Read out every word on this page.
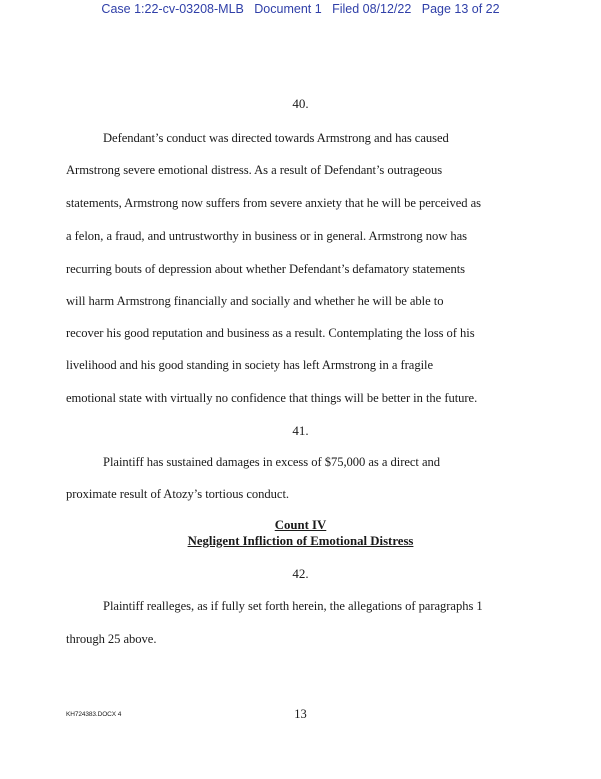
Case 1:22-cv-03208-MLB   Document 1   Filed 08/12/22   Page 13 of 22
40.
Defendant’s conduct was directed towards Armstrong and has caused
Armstrong severe emotional distress. As a result of Defendant’s outrageous
statements, Armstrong now suffers from severe anxiety that he will be perceived as
a felon, a fraud, and untrustworthy in business or in general. Armstrong now has
recurring bouts of depression about whether Defendant’s defamatory statements
will harm Armstrong financially and socially and whether he will be able to
recover his good reputation and business as a result. Contemplating the loss of his
livelihood and his good standing in society has left Armstrong in a fragile
emotional state with virtually no confidence that things will be better in the future.
41.
Plaintiff has sustained damages in excess of $75,000 as a direct and
proximate result of Atozy’s tortious conduct.
Count IV
Negligent Infliction of Emotional Distress
42.
Plaintiff realleges, as if fully set forth herein, the allegations of paragraphs 1
through 25 above.
KH724383.DOCX 4	13
